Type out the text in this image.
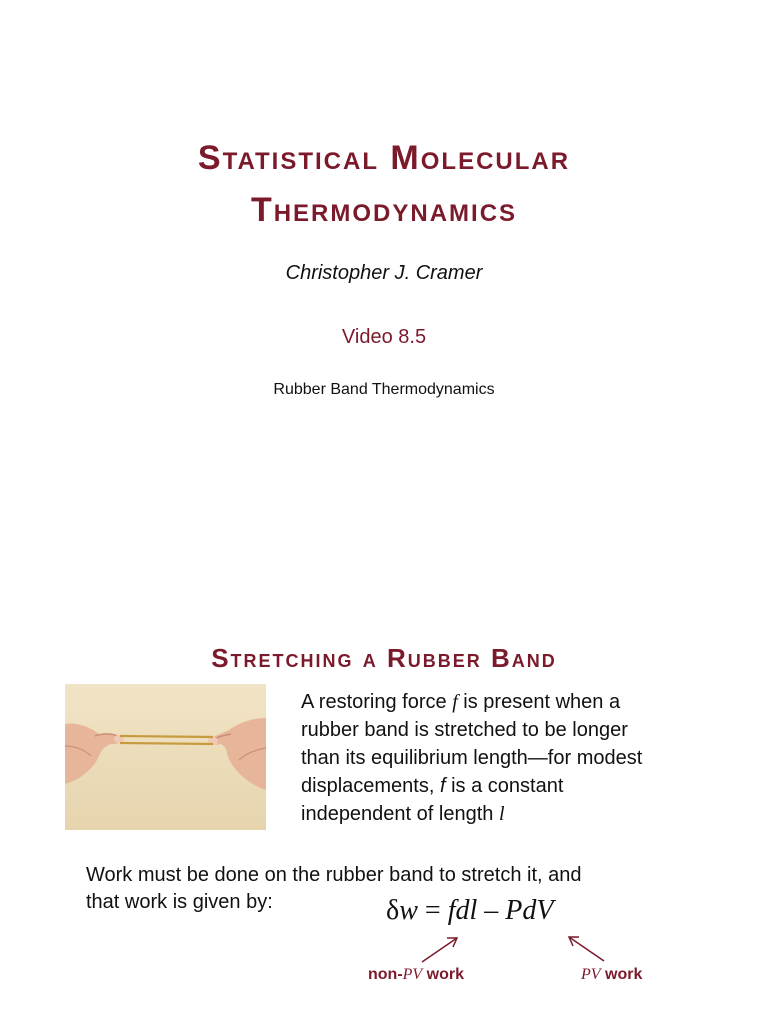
Statistical Molecular
Thermodynamics
Christopher J. Cramer
Video 8.5
Rubber Band Thermodynamics
Stretching a Rubber Band
A restoring force f is present when a
rubber band is stretched to be longer
than its equilibrium length—for modest
displacements, f is a constant
independent of length l
Work must be done on the rubber band to stretch it, and
that work is given by:	δw = fdl – PdV
non-PV work	PV work
